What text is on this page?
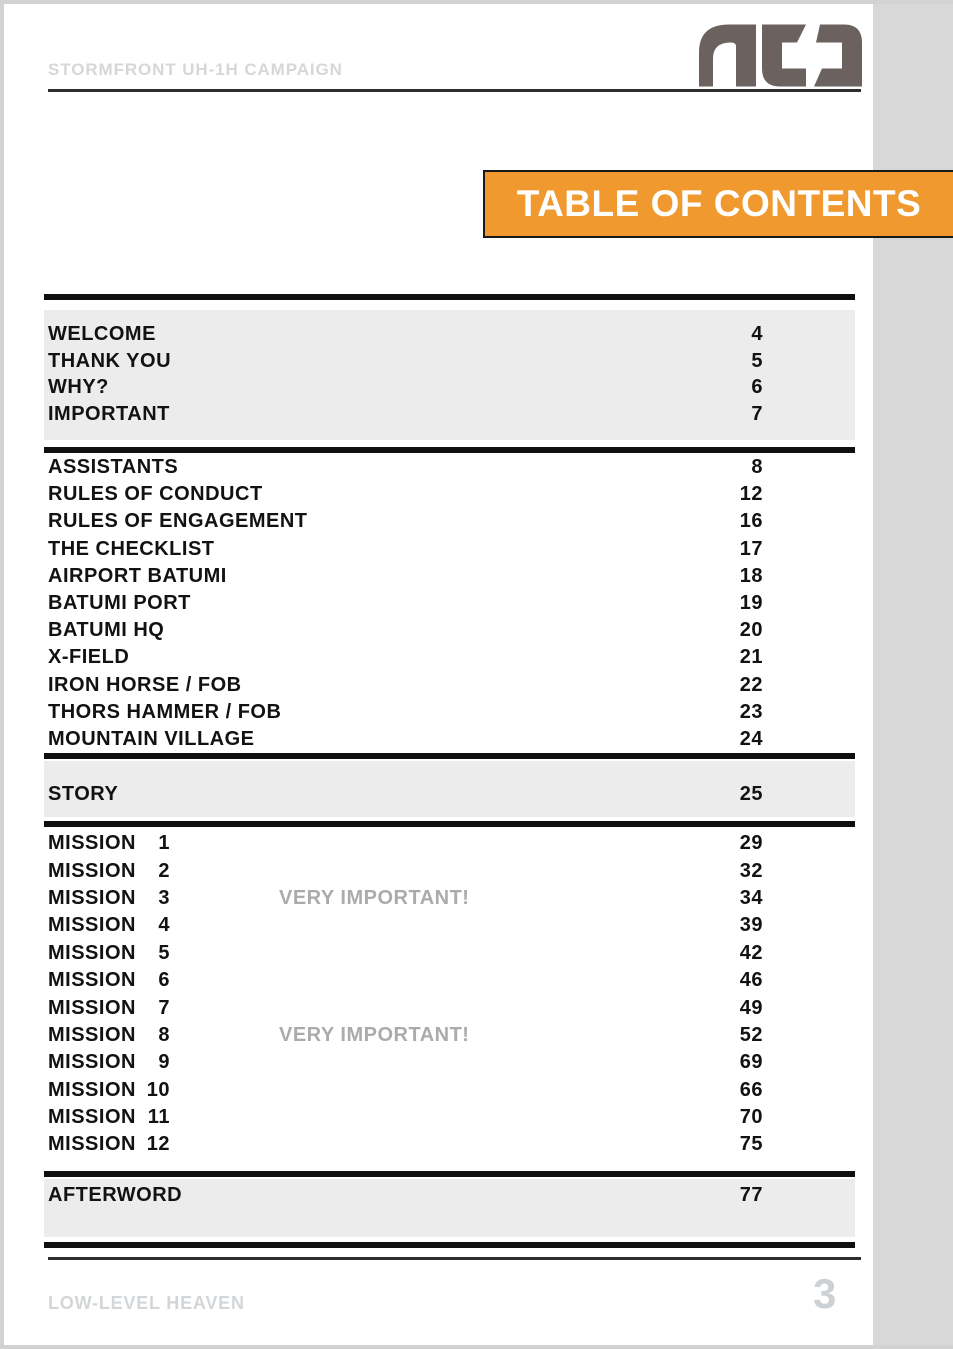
STORMFRONT UH-1H CAMPAIGN
TABLE OF CONTENTS
WELCOME	4
THANK YOU	5
WHY?	6
IMPORTANT	7
ASSISTANTS	8
RULES OF CONDUCT	12
RULES OF ENGAGEMENT	16
THE CHECKLIST	17
AIRPORT BATUMI	18
BATUMI PORT	19
BATUMI HQ	20
X-FIELD	21
IRON HORSE / FOB	22
THORS HAMMER / FOB	23
MOUNTAIN VILLAGE	24
STORY	25
MISSION	1	29
MISSION	2	32
MISSION	3	VERY IMPORTANT!	34
MISSION	4	39
MISSION	5	42
MISSION	6	46
MISSION	7	49
MISSION	8	VERY IMPORTANT!	52
MISSION	9	69
MISSION 10	66
MISSION 11	70
MISSION 12	75
AFTERWORD	77
LOW-LEVEL HEAVEN	3
